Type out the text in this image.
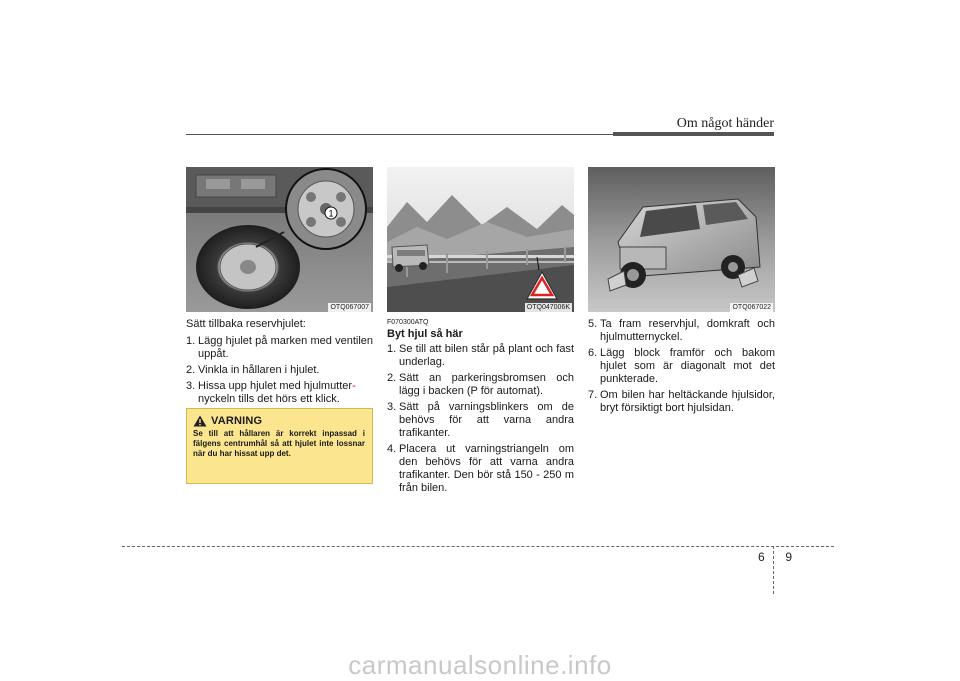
Om något händer
1
OTQ067007

Sätt tillbaka reservhjulet:

1. Lägg hjulet på marken med ventilen uppåt.
2. Vinkla in hållaren i hjulet.
3. Hissa upp hjulet med hjulmutter-
nyckeln tills det hörs ett klick.
VARNING
Se till att hållaren är korrekt inpassad i fälgens centrumhål så att hjulet inte lossnar när du har hissat upp det.
OTQ047006K

F070300ATQ

Byt hjul så här

1. Se till att bilen står på plant och fast underlag.
2. Sätt an parkeringsbromsen och lägg i backen (P för automat).
3. Sätt på varningsblinkers om de behövs för att varna andra trafikanter.
4. Placera ut varningstriangeln om den behövs för att varna andra trafikanter. Den bör stå 150 - 250 m från bilen.
OTQ067022
5. Ta fram reservhjul, domkraft och hjulmutternyckel.
6. Lägg block framför och bakom hjulet som är diagonalt mot det punkterade.
7. Om bilen har heltäckande hjulsidor, bryt försiktigt bort hjulsidan.
6 9
carmanualsonline.info
